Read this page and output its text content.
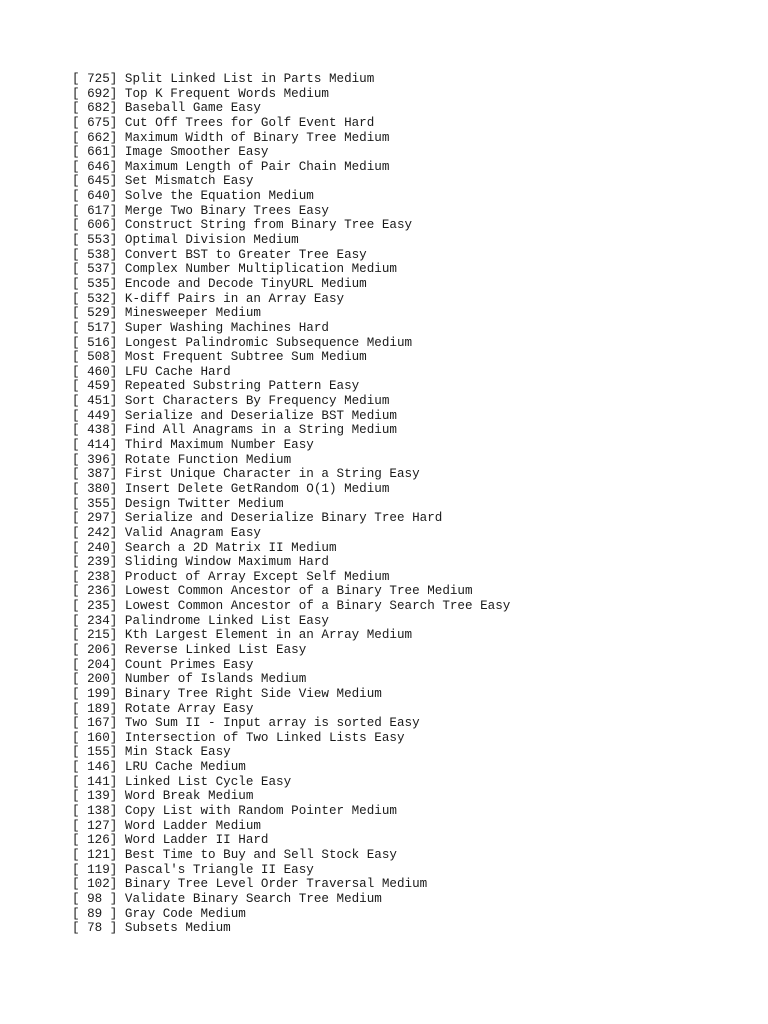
[ 725] Split Linked List in Parts Medium
[ 692] Top K Frequent Words Medium
[ 682] Baseball Game Easy
[ 675] Cut Off Trees for Golf Event Hard
[ 662] Maximum Width of Binary Tree Medium
[ 661] Image Smoother Easy
[ 646] Maximum Length of Pair Chain Medium
[ 645] Set Mismatch Easy
[ 640] Solve the Equation Medium
[ 617] Merge Two Binary Trees Easy
[ 606] Construct String from Binary Tree Easy
[ 553] Optimal Division Medium
[ 538] Convert BST to Greater Tree Easy
[ 537] Complex Number Multiplication Medium
[ 535] Encode and Decode TinyURL Medium
[ 532] K-diff Pairs in an Array Easy
[ 529] Minesweeper Medium
[ 517] Super Washing Machines Hard
[ 516] Longest Palindromic Subsequence Medium
[ 508] Most Frequent Subtree Sum Medium
[ 460] LFU Cache Hard
[ 459] Repeated Substring Pattern Easy
[ 451] Sort Characters By Frequency Medium
[ 449] Serialize and Deserialize BST Medium
[ 438] Find All Anagrams in a String Medium
[ 414] Third Maximum Number Easy
[ 396] Rotate Function Medium
[ 387] First Unique Character in a String Easy
[ 380] Insert Delete GetRandom O(1) Medium
[ 355] Design Twitter Medium
[ 297] Serialize and Deserialize Binary Tree Hard
[ 242] Valid Anagram Easy
[ 240] Search a 2D Matrix II Medium
[ 239] Sliding Window Maximum Hard
[ 238] Product of Array Except Self Medium
[ 236] Lowest Common Ancestor of a Binary Tree Medium
[ 235] Lowest Common Ancestor of a Binary Search Tree Easy
[ 234] Palindrome Linked List Easy
[ 215] Kth Largest Element in an Array Medium
[ 206] Reverse Linked List Easy
[ 204] Count Primes Easy
[ 200] Number of Islands Medium
[ 199] Binary Tree Right Side View Medium
[ 189] Rotate Array Easy
[ 167] Two Sum II - Input array is sorted Easy
[ 160] Intersection of Two Linked Lists Easy
[ 155] Min Stack Easy
[ 146] LRU Cache Medium
[ 141] Linked List Cycle Easy
[ 139] Word Break Medium
[ 138] Copy List with Random Pointer Medium
[ 127] Word Ladder Medium
[ 126] Word Ladder II Hard
[ 121] Best Time to Buy and Sell Stock Easy
[ 119] Pascal's Triangle II Easy
[ 102] Binary Tree Level Order Traversal Medium
[ 98 ] Validate Binary Search Tree Medium
[ 89 ] Gray Code Medium
[ 78 ] Subsets Medium
